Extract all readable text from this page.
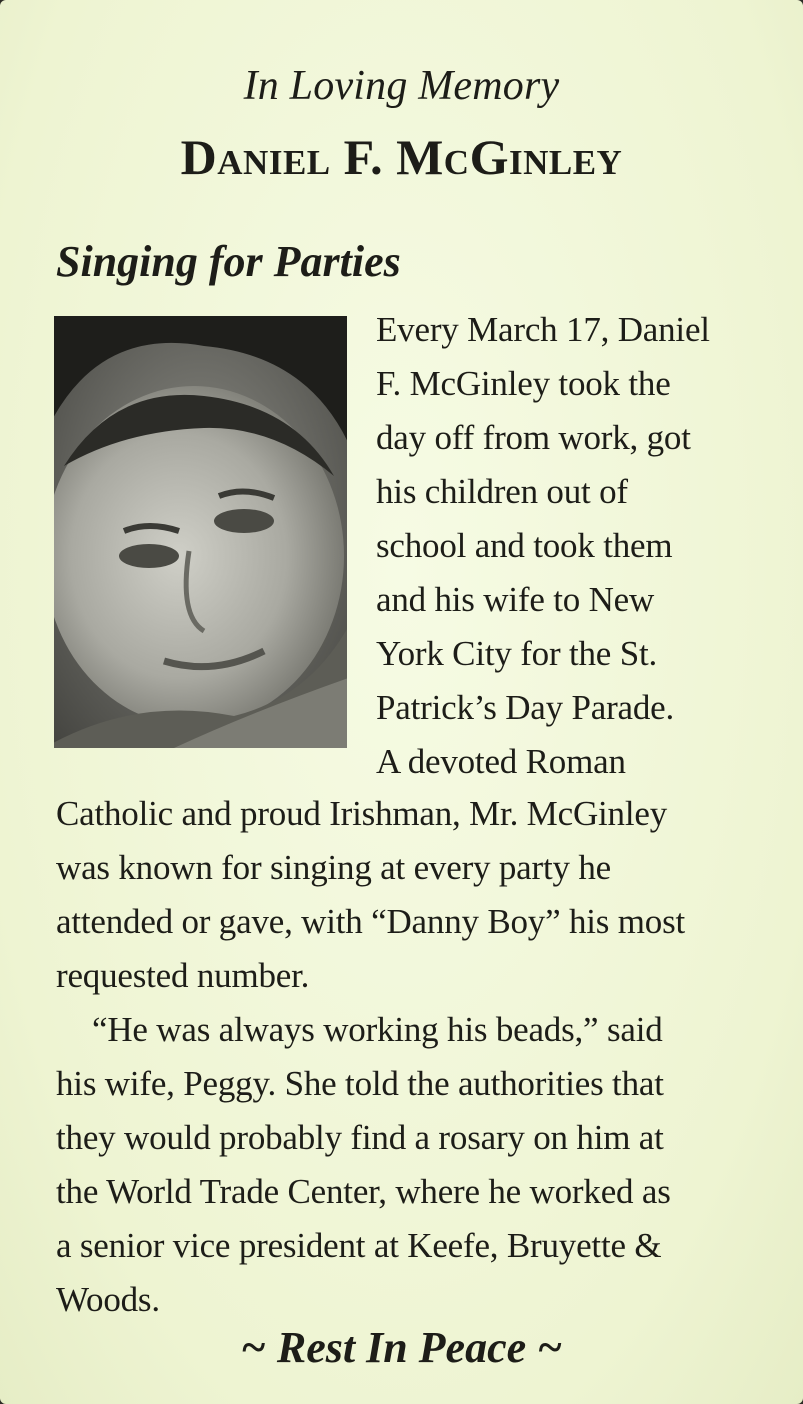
In Loving Memory
Daniel F. McGinley
Singing for Parties
Every March 17, Daniel
F. McGinley took the
day off from work, got
his children out of
school and took them
and his wife to New
York City for the St.
Patrick’s Day Parade.
A devoted Roman
Catholic and proud Irishman, Mr. McGinley
was known for singing at every party he
attended or gave, with “Danny Boy” his most
requested number.
“He was always working his beads,” said
his wife, Peggy. She told the authorities that
they would probably find a rosary on him at
the World Trade Center, where he worked as
a senior vice president at Keefe, Bruyette &
Woods.
~ Rest In Peace ~
